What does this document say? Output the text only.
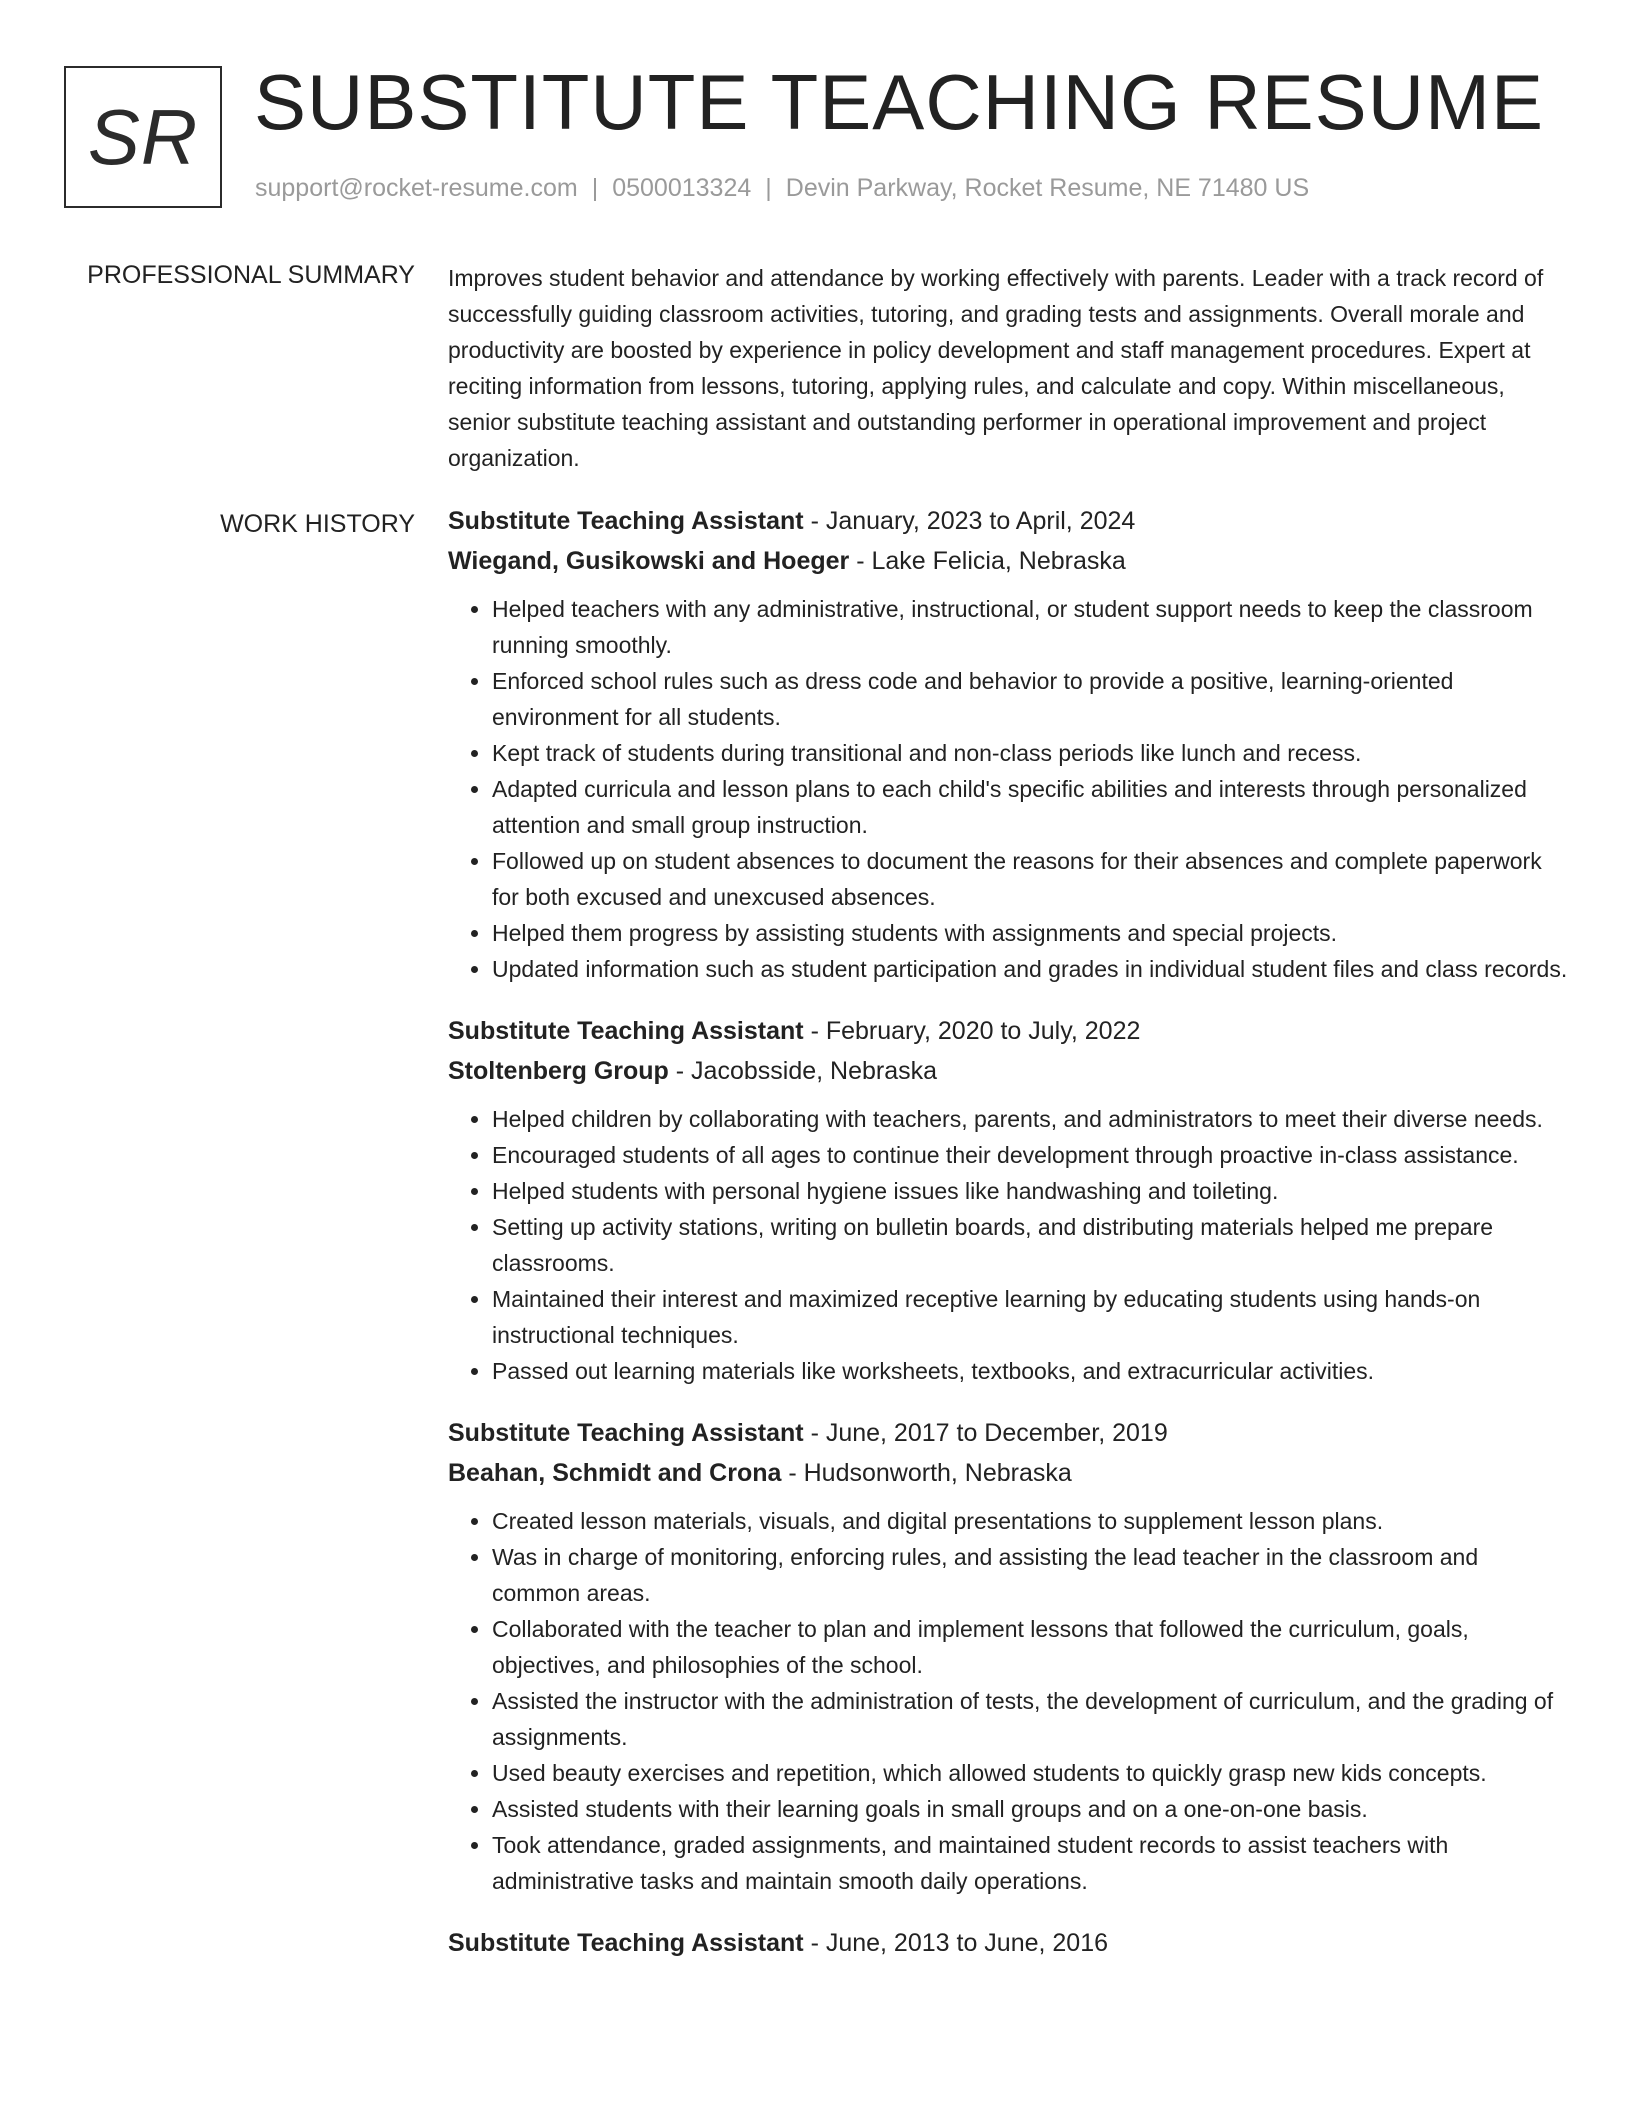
SR SUBSTITUTE TEACHING RESUME
support@rocket-resume.com | 0500013324 | Devin Parkway, Rocket Resume, NE 71480 US
PROFESSIONAL SUMMARY Improves student behavior and attendance by working effectively with parents. Leader with a track record of successfully guiding classroom activities, tutoring, and grading tests and assignments. Overall morale and productivity are boosted by experience in policy development and staff management procedures. Expert at reciting information from lessons, tutoring, applying rules, and calculate and copy. Within miscellaneous, senior substitute teaching assistant and outstanding performer in operational improvement and project organization.

WORK HISTORY Substitute Teaching Assistant - January, 2023 to April, 2024
Wiegand, Gusikowski and Hoeger - Lake Felicia, Nebraska
• Helped teachers with any administrative, instructional, or student support needs to keep the classroom running smoothly.
• Enforced school rules such as dress code and behavior to provide a positive, learning-oriented environment for all students.
• Kept track of students during transitional and non-class periods like lunch and recess.
• Adapted curricula and lesson plans to each child's specific abilities and interests through personalized attention and small group instruction.
• Followed up on student absences to document the reasons for their absences and complete paperwork for both excused and unexcused absences.
• Helped them progress by assisting students with assignments and special projects.
• Updated information such as student participation and grades in individual student files and class records.
Substitute Teaching Assistant - February, 2020 to July, 2022
Stoltenberg Group - Jacobsside, Nebraska
• Helped children by collaborating with teachers, parents, and administrators to meet their diverse needs.
• Encouraged students of all ages to continue their development through proactive in-class assistance.
• Helped students with personal hygiene issues like handwashing and toileting.
• Setting up activity stations, writing on bulletin boards, and distributing materials helped me prepare classrooms.
• Maintained their interest and maximized receptive learning by educating students using hands-on instructional techniques.
• Passed out learning materials like worksheets, textbooks, and extracurricular activities.
Substitute Teaching Assistant - June, 2017 to December, 2019
Beahan, Schmidt and Crona - Hudsonworth, Nebraska
• Created lesson materials, visuals, and digital presentations to supplement lesson plans.
• Was in charge of monitoring, enforcing rules, and assisting the lead teacher in the classroom and common areas.
• Collaborated with the teacher to plan and implement lessons that followed the curriculum, goals, objectives, and philosophies of the school.
• Assisted the instructor with the administration of tests, the development of curriculum, and the grading of assignments.
• Used beauty exercises and repetition, which allowed students to quickly grasp new kids concepts.
• Assisted students with their learning goals in small groups and on a one-on-one basis.
• Took attendance, graded assignments, and maintained student records to assist teachers with administrative tasks and maintain smooth daily operations.
Substitute Teaching Assistant - June, 2013 to June, 2016
